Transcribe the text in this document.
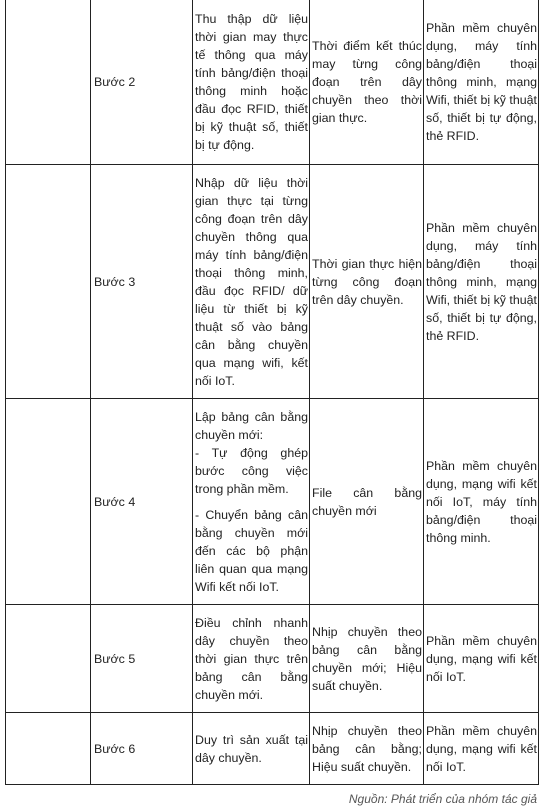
	Bước 2	Thu thập dữ liệu thời gian may thực tế thông qua máy tính bảng/điện thoại thông minh hoặc đầu đọc RFID, thiết bị kỹ thuật số, thiết bị tự động.	Thời điểm kết thúc may từng công đoạn trên dây chuyền theo thời gian thực.	Phần mềm chuyên dụng, máy tính bảng/điện thoại thông minh, mạng Wifi, thiết bị kỹ thuật số, thiết bị tự động, thẻ RFID.
	Bước 3	Nhập dữ liệu thời gian thực tại từng công đoạn trên dây chuyền thông qua máy tính bảng/điện thoại thông minh, đầu đọc RFID/ dữ liệu từ thiết bị kỹ thuật số vào bảng cân bằng chuyền qua mạng wifi, kết nối IoT.	Thời gian thực hiện từng công đoạn trên dây chuyền.	Phần mềm chuyên dụng, máy tính bảng/điện thoại thông minh, mạng Wifi, thiết bị kỹ thuật số, thiết bị tự động, thẻ RFID.
	Bước 4	Lập bảng cân bằng chuyền mới:
- Tự động ghép bước công việc trong phần mềm.

- Chuyển bảng cân bằng chuyền mới đến các bộ phận liên quan qua mạng Wifi kết nối IoT.	File cân bằng chuyền mới	Phần mềm chuyên dụng, mạng wifi kết nối IoT, máy tính bảng/điện thoại thông minh.
	Bước 5	Điều chỉnh nhanh dây chuyền theo thời gian thực trên bảng cân bằng chuyền mới.	Nhịp chuyền theo bảng cân bằng chuyền mới; Hiệu suất chuyền.	Phần mềm chuyên dụng, mạng wifi kết nối IoT.
	Bước 6	Duy trì sản xuất tại dây chuyền.	Nhịp chuyền theo bảng cân bằng; Hiệu suất chuyền.	Phần mềm chuyên dụng, mạng wifi kết nối IoT.
Nguồn: Phát triển của nhóm tác giả
